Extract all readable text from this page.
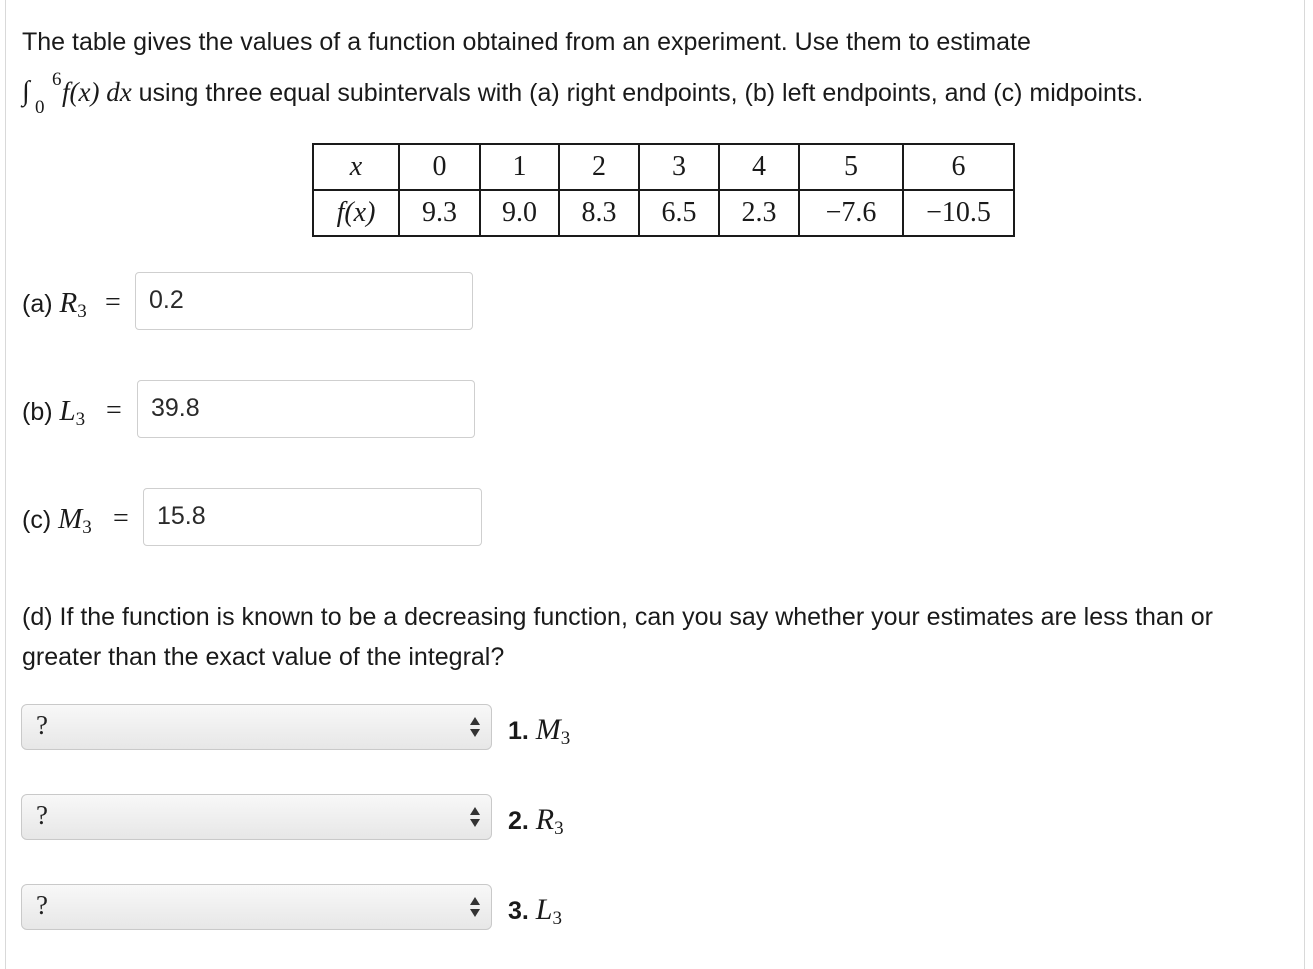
The table gives the values of a function obtained from an experiment. Use them to estimate
∫ 6
0
f(x) dx using three equal subintervals with (a) right endpoints, (b) left endpoints, and (c) midpoints.
x	0	1	2	3	4	5	6
f(x)	9.3	9.0	8.3	6.5	2.3	−7.6	−10.5
(a) $R_3$ =	0.2
(b) $L_3$ =	39.8
(c) $M_3$ =	15.8
(d) If the function is known to be a decreasing function, can you say whether your estimates are less than or greater than the exact value of the integral?
?	1. $M_3$
?	2. $R_3$
?	3. $L_3$
